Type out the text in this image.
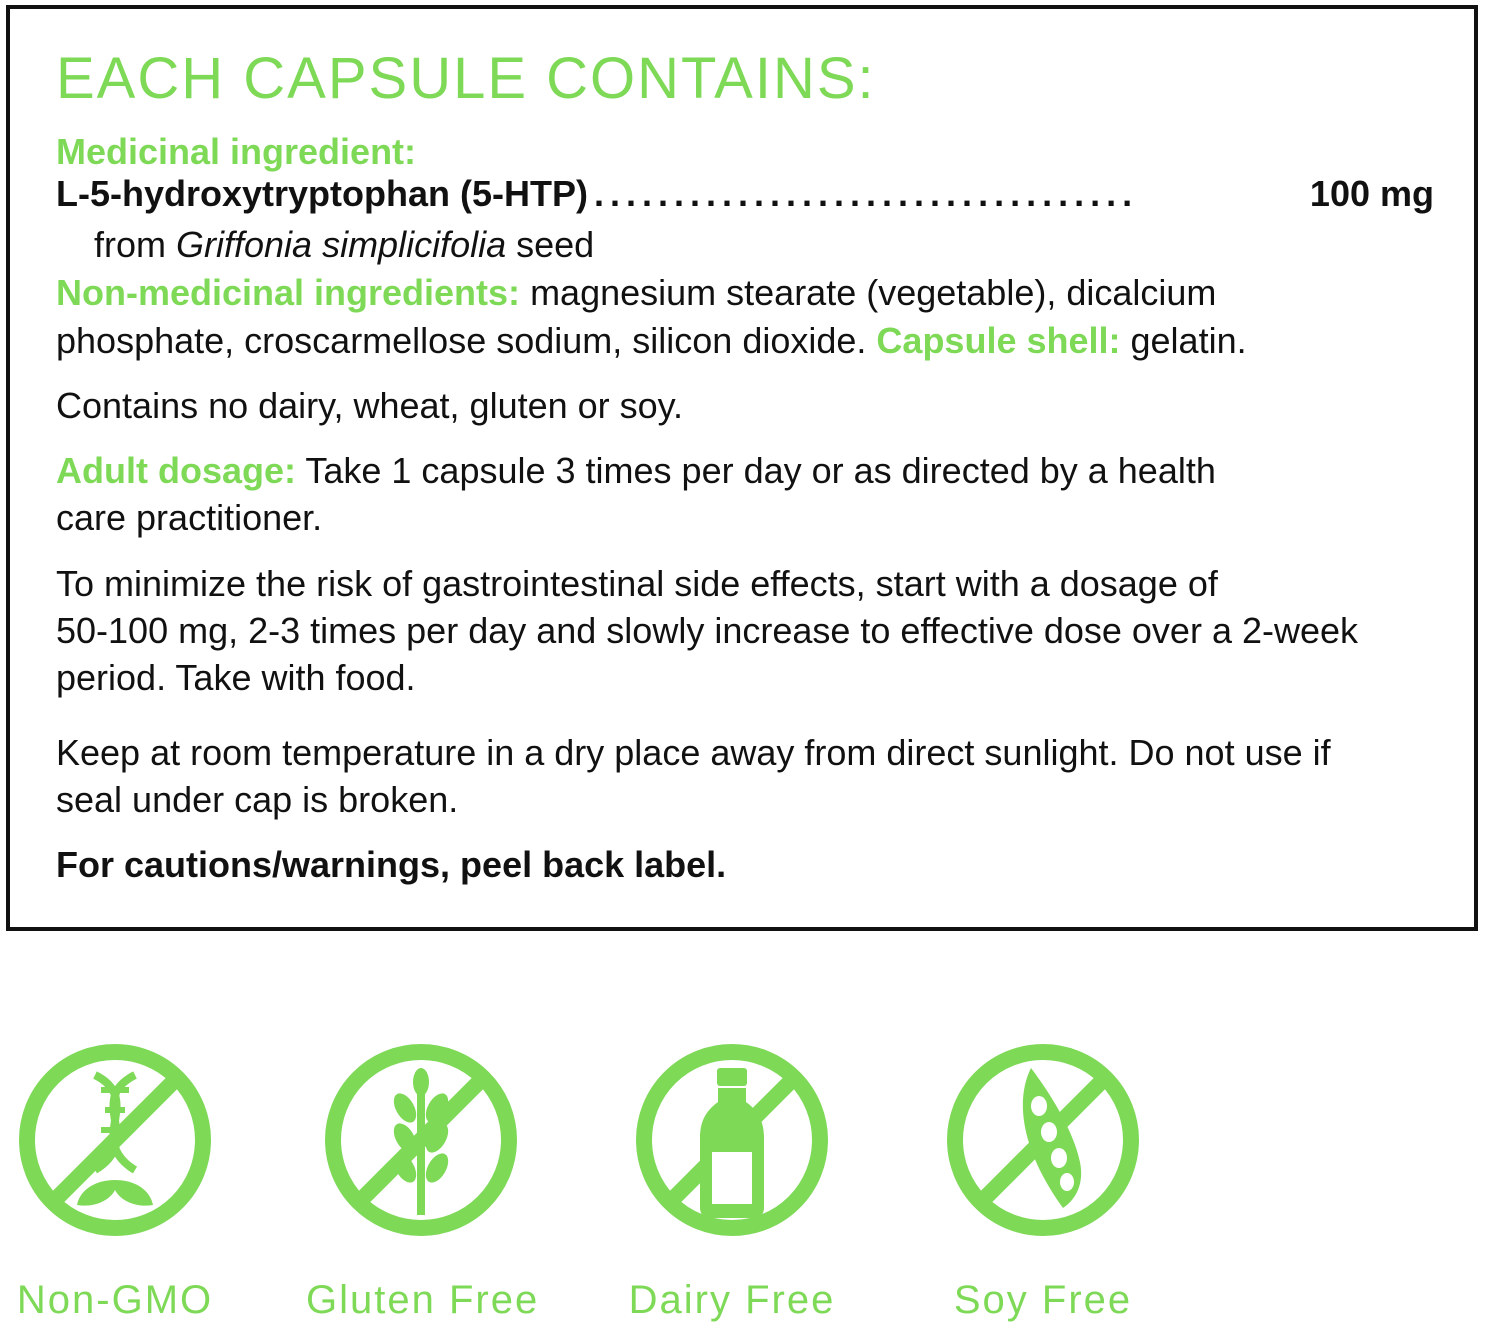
EACH CAPSULE CONTAINS:

Medicinal ingredient:

L-5-hydroxytryptophan (5-HTP) ..................................	100 mg

from Griffonia simplicifolia seed

Non-medicinal ingredients: magnesium stearate (vegetable), dicalcium

phosphate, croscarmellose sodium, silicon dioxide. Capsule shell: gelatin.

Contains no dairy, wheat, gluten or soy.

Adult dosage: Take 1 capsule 3 times per day or as directed by a health

care practitioner.

To minimize the risk of gastrointestinal side effects, start with a dosage of

50-100 mg, 2-3 times per day and slowly increase to effective dose over a 2-week

period. Take with food.

Keep at room temperature in a dry place away from direct sunlight. Do not use if

seal under cap is broken.

For cautions/warnings, peel back label.

Non-GMO	Gluten Free Dairy Free	Soy Free
